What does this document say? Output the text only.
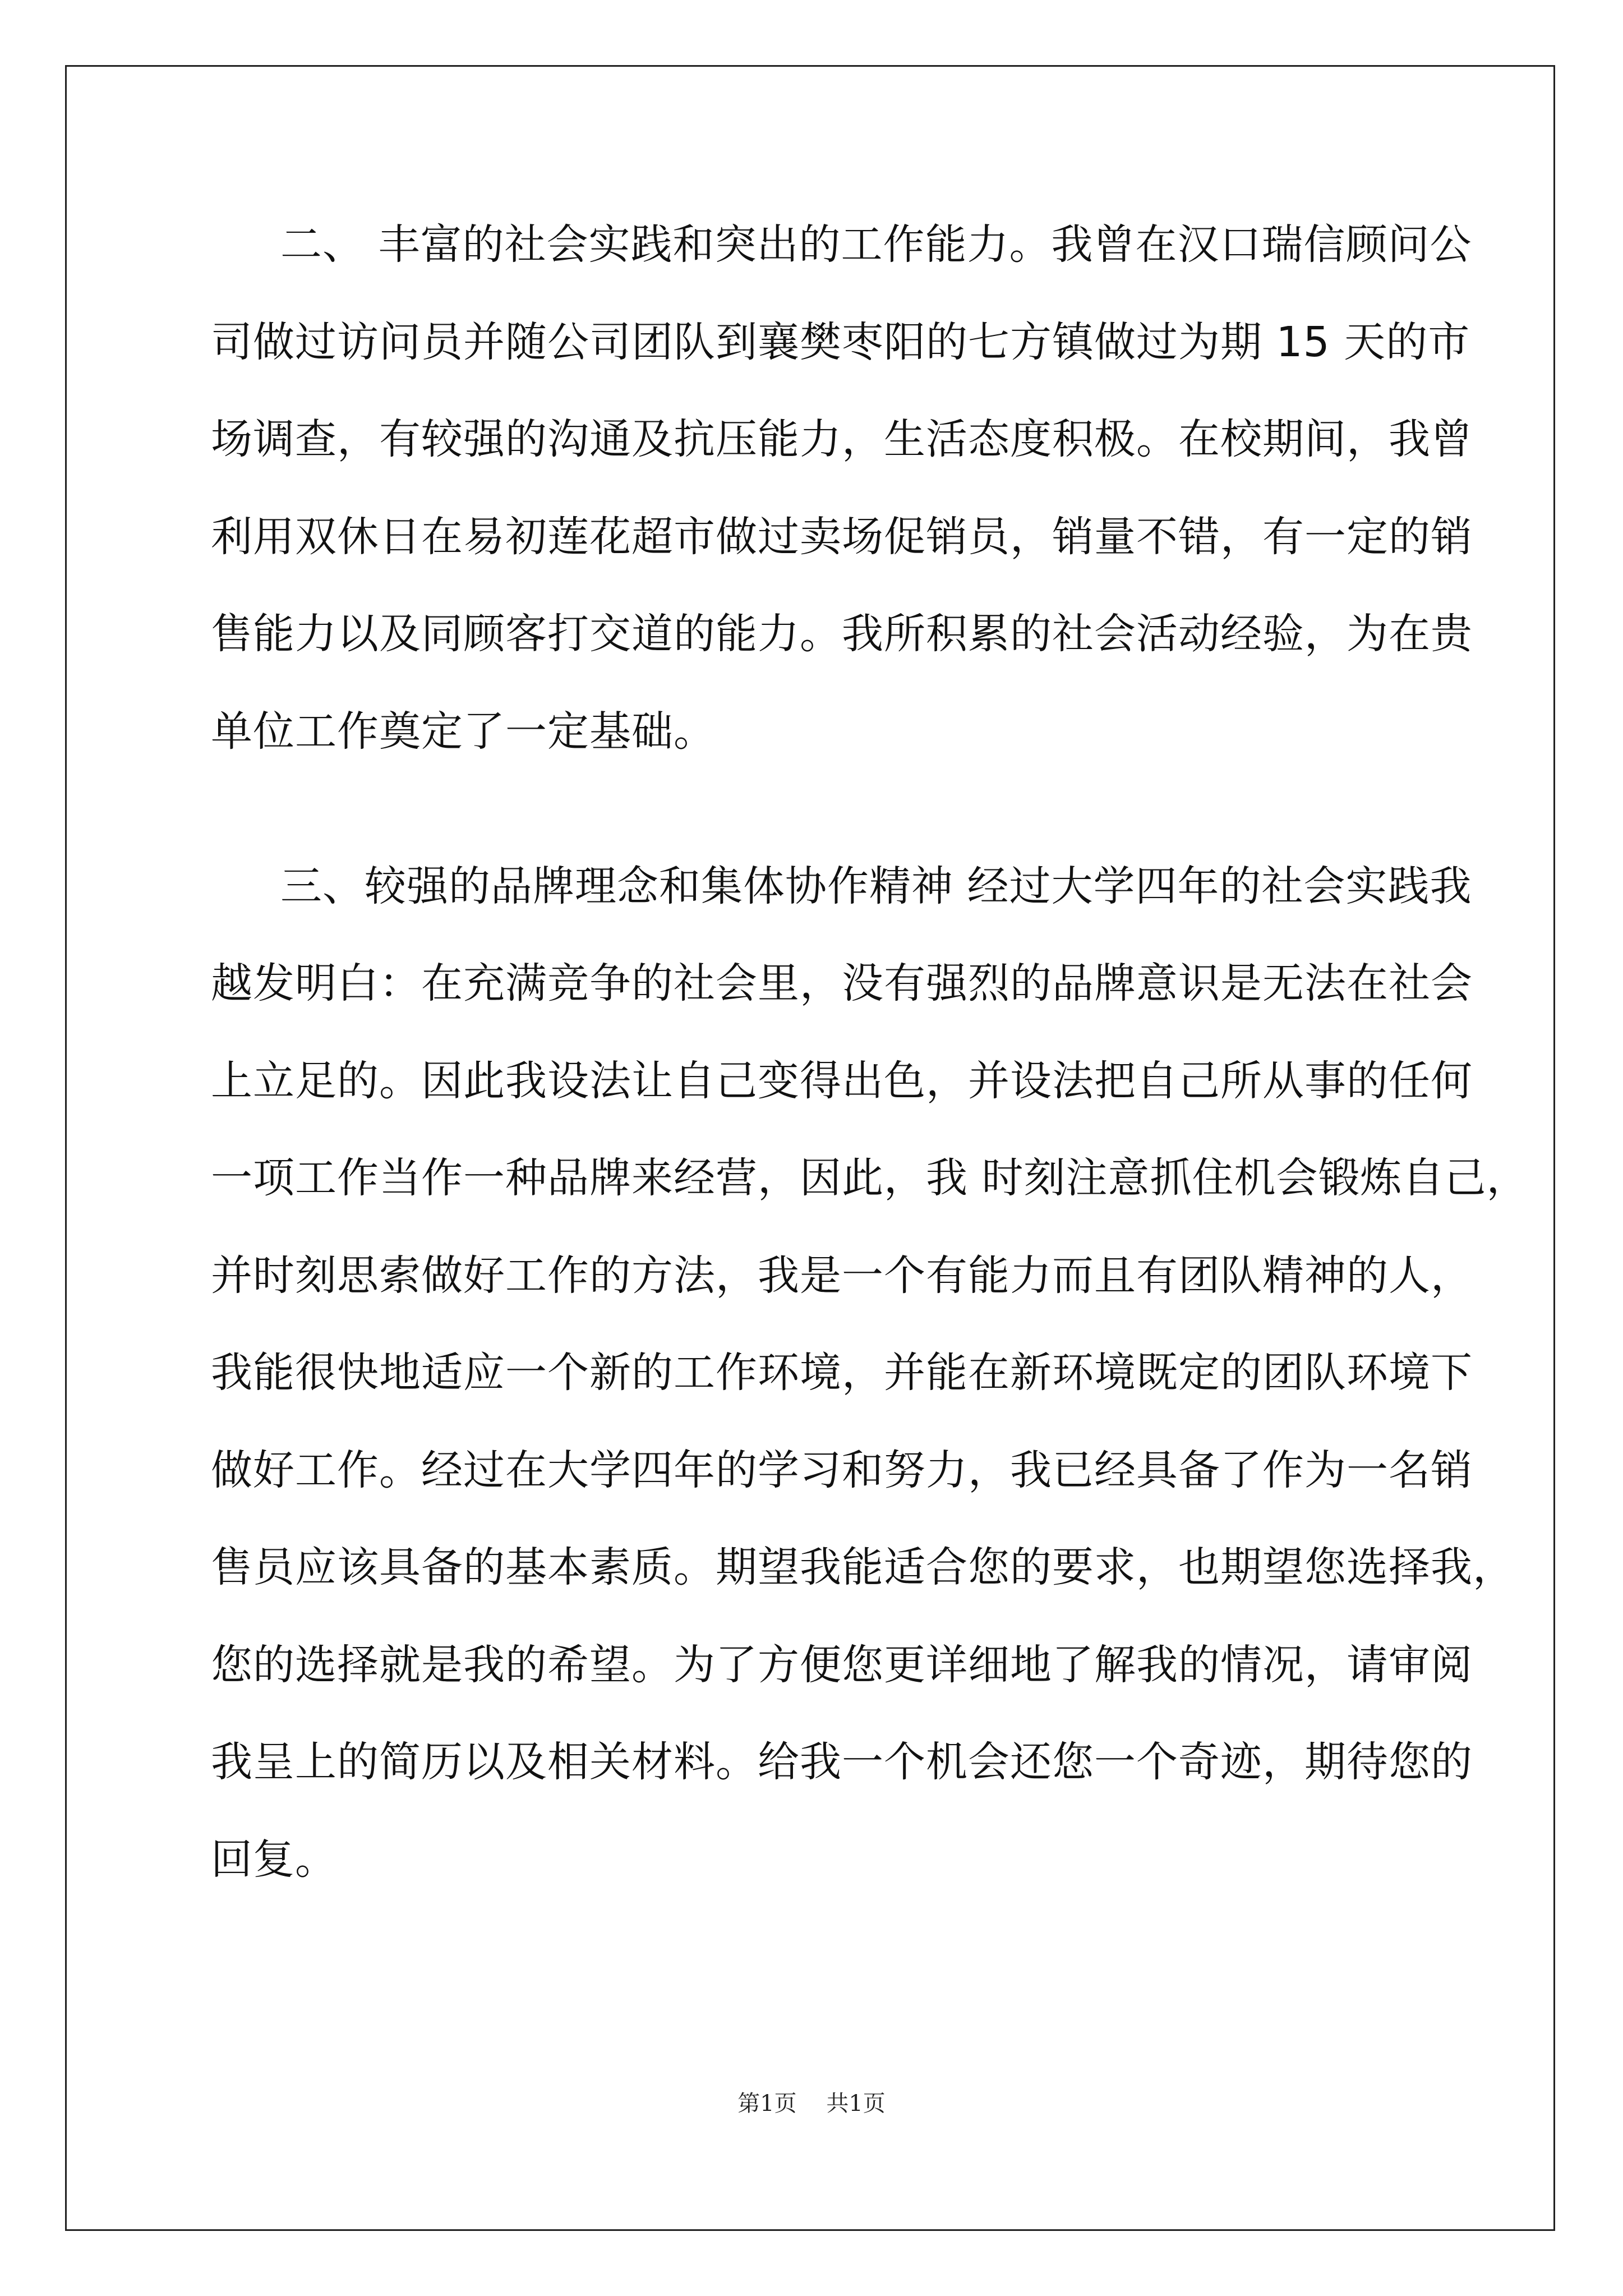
二、 丰富的社会实践和突出的工作能力。我曾在汉口瑞信顾问公

司做过访问员并随公司团队到襄樊枣阳的七方镇做过为期 15 天的市

场调查，有较强的沟通及抗压能力，生活态度积极。在校期间，我曾

利用双休日在易初莲花超市做过卖场促销员，销量不错，有一定的销

售能力以及同顾客打交道的能力。我所积累的社会活动经验，为在贵

单位工作奠定了一定基础。

三、较强的品牌理念和集体协作精神 经过大学四年的社会实践我

越发明白：在充满竞争的社会里，没有强烈的品牌意识是无法在社会

上立足的。因此我设法让自己变得出色，并设法把自己所从事的任何

一项工作当作一种品牌来经营，因此，我 时刻注意抓住机会锻炼自己，

并时刻思索做好工作的方法，我是一个有能力而且有团队精神的人，

我能很快地适应一个新的工作环境，并能在新环境既定的团队环境下

做好工作。经过在大学四年的学习和努力，我已经具备了作为一名销

售员应该具备的基本素质。期望我能适合您的要求，也期望您选择我，

您的选择就是我的希望。为了方便您更详细地了解我的情况，请审阅

我呈上的简历以及相关材料。给我一个机会还您一个奇迹，期待您的

回复。

第1页 共1页
